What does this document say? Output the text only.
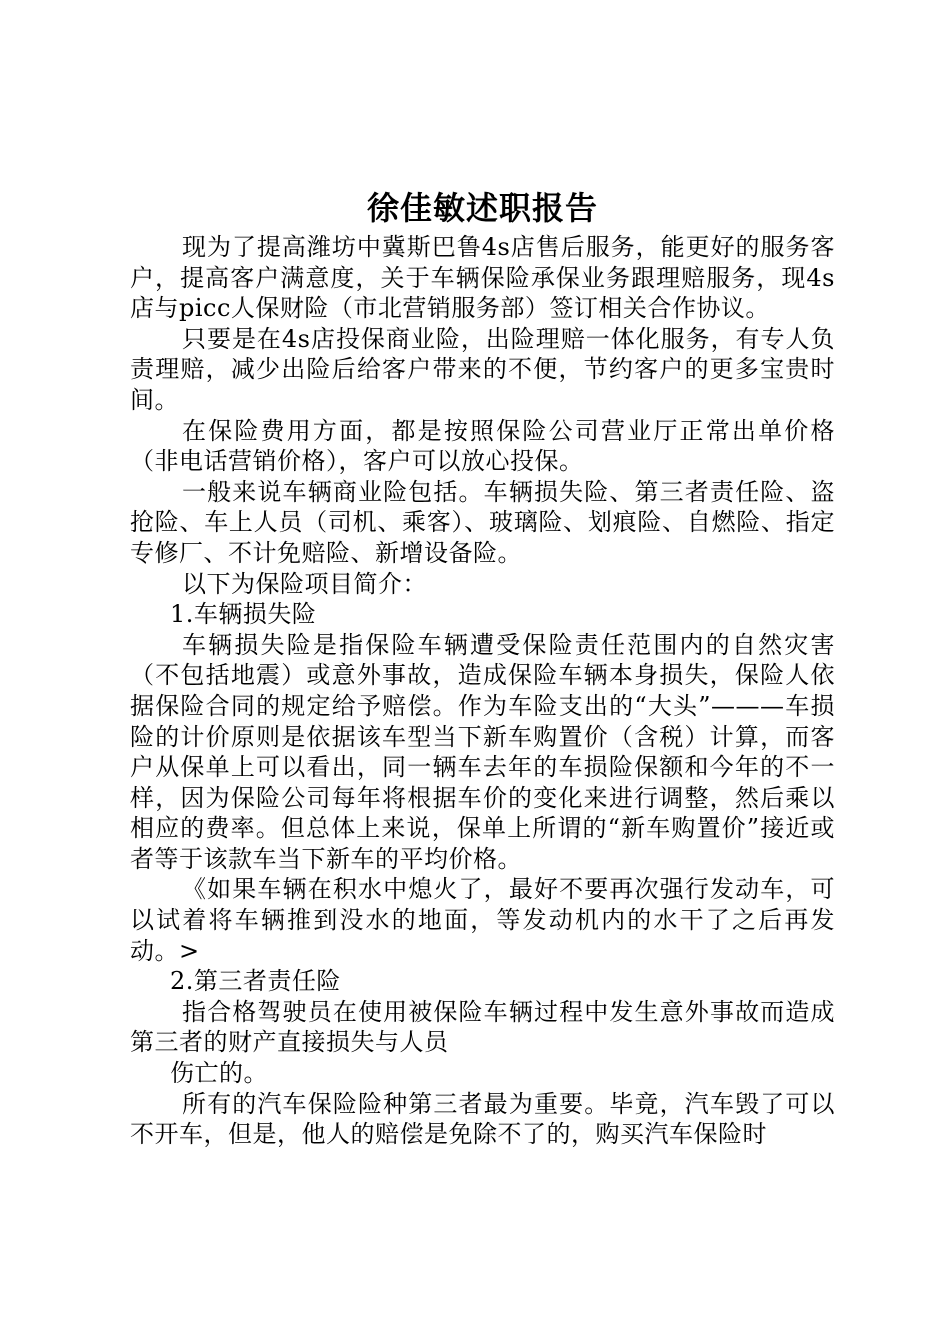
徐佳敏述职报告

现为了提高潍坊中冀斯巴鲁4s店售后服务，能更好的服务客户，提高客户满意度，关于车辆保险承保业务跟理赔服务，现4s店与picc人保财险（市北营销服务部）签订相关合作协议。

只要是在4s店投保商业险，出险理赔一体化服务，有专人负责理赔，减少出险后给客户带来的不便，节约客户的更多宝贵时间。

在保险费用方面，都是按照保险公司营业厅正常出单价格（非电话营销价格），客户可以放心投保。

一般来说车辆商业险包括。车辆损失险、第三者责任险、盗抢险、车上人员（司机、乘客）、玻璃险、划痕险、自燃险、指定专修厂、不计免赔险、新增设备险。

以下为保险项目简介：

1.车辆损失险

车辆损失险是指保险车辆遭受保险责任范围内的自然灾害（不包括地震）或意外事故，造成保险车辆本身损失，保险人依据保险合同的规定给予赔偿。作为车险支出的“大头”———车损险的计价原则是依据该车型当下新车购置价（含税）计算，而客户从保单上可以看出，同一辆车去年的车损险保额和今年的不一样，因为保险公司每年将根据车价的变化来进行调整，然后乘以相应的费率。但总体上来说，保单上所谓的“新车购置价”接近或者等于该款车当下新车的平均价格。

《如果车辆在积水中熄火了，最好不要再次强行发动车，可以试着将车辆推到没水的地面，等发动机内的水干了之后再发动。>

2.第三者责任险

指合格驾驶员在使用被保险车辆过程中发生意外事故而造成第三者的财产直接损失与人员

伤亡的。

所有的汽车保险险种第三者最为重要。毕竟，汽车毁了可以不开车，但是，他人的赔偿是免除不了的，购买汽车保险时
